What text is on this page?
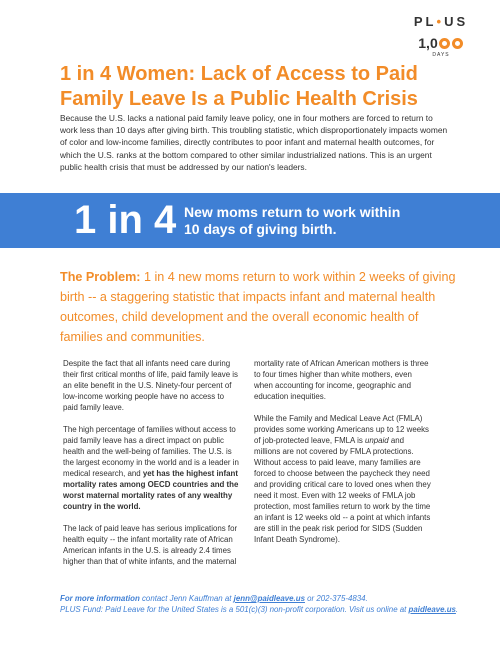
PL•US
1,0
DAYS
1 in 4 Women: Lack of Access to Paid
Family Leave Is a Public Health Crisis

Because the U.S. lacks a national paid family leave policy, one in four mothers are forced to return to work less than 10 days after giving birth. This troubling statistic, which disproportionately impacts women of color and low-income families, directly contributes to poor infant and maternal health outcomes, for which the U.S. ranks at the bottom compared to other similar industrialized nations. This is an urgent public health crisis that must be addressed by our nation's leaders.

1 in 4 New moms return to work within
10 days of giving birth.

The Problem: 1 in 4 new moms return to work within 2 weeks of giving birth -- a staggering statistic that impacts infant and maternal health outcomes, child development and the overall economic health of families and communities.

Despite the fact that all infants need care during their first critical months of life, paid family leave is an elite benefit in the U.S. Ninety-four percent of low-income working people have no access to paid family leave.

The high percentage of families without access to paid family leave has a direct impact on public health and the well-being of families. The U.S. is the largest economy in the world and is a leader in medical research, and yet has the highest infant mortality rates among OECD countries and the worst maternal mortality rates of any wealthy country in the world.

The lack of paid leave has serious implications for health equity -- the infant mortality rate of African American infants in the U.S. is already 2.4 times higher than that of white infants, and the maternal

mortality rate of African American mothers is three to four times higher than white mothers, even when accounting for income, geographic and education inequities.

While the Family and Medical Leave Act (FMLA) provides some working Americans up to 12 weeks of job-protected leave, FMLA is unpaid and millions are not covered by FMLA protections. Without access to paid leave, many families are forced to choose between the paycheck they need and providing critical care to loved ones when they need it most. Even with 12 weeks of FMLA job protection, most families return to work by the time an infant is 12 weeks old -- a point at which infants are still in the peak risk period for SIDS (Sudden Infant Death Syndrome).

For more information contact Jenn Kauffman at jenn@paidleave.us or 202-375-4834.
PLUS Fund: Paid Leave for the United States is a 501(c)(3) non-profit corporation. Visit us online at paidleave.us.
